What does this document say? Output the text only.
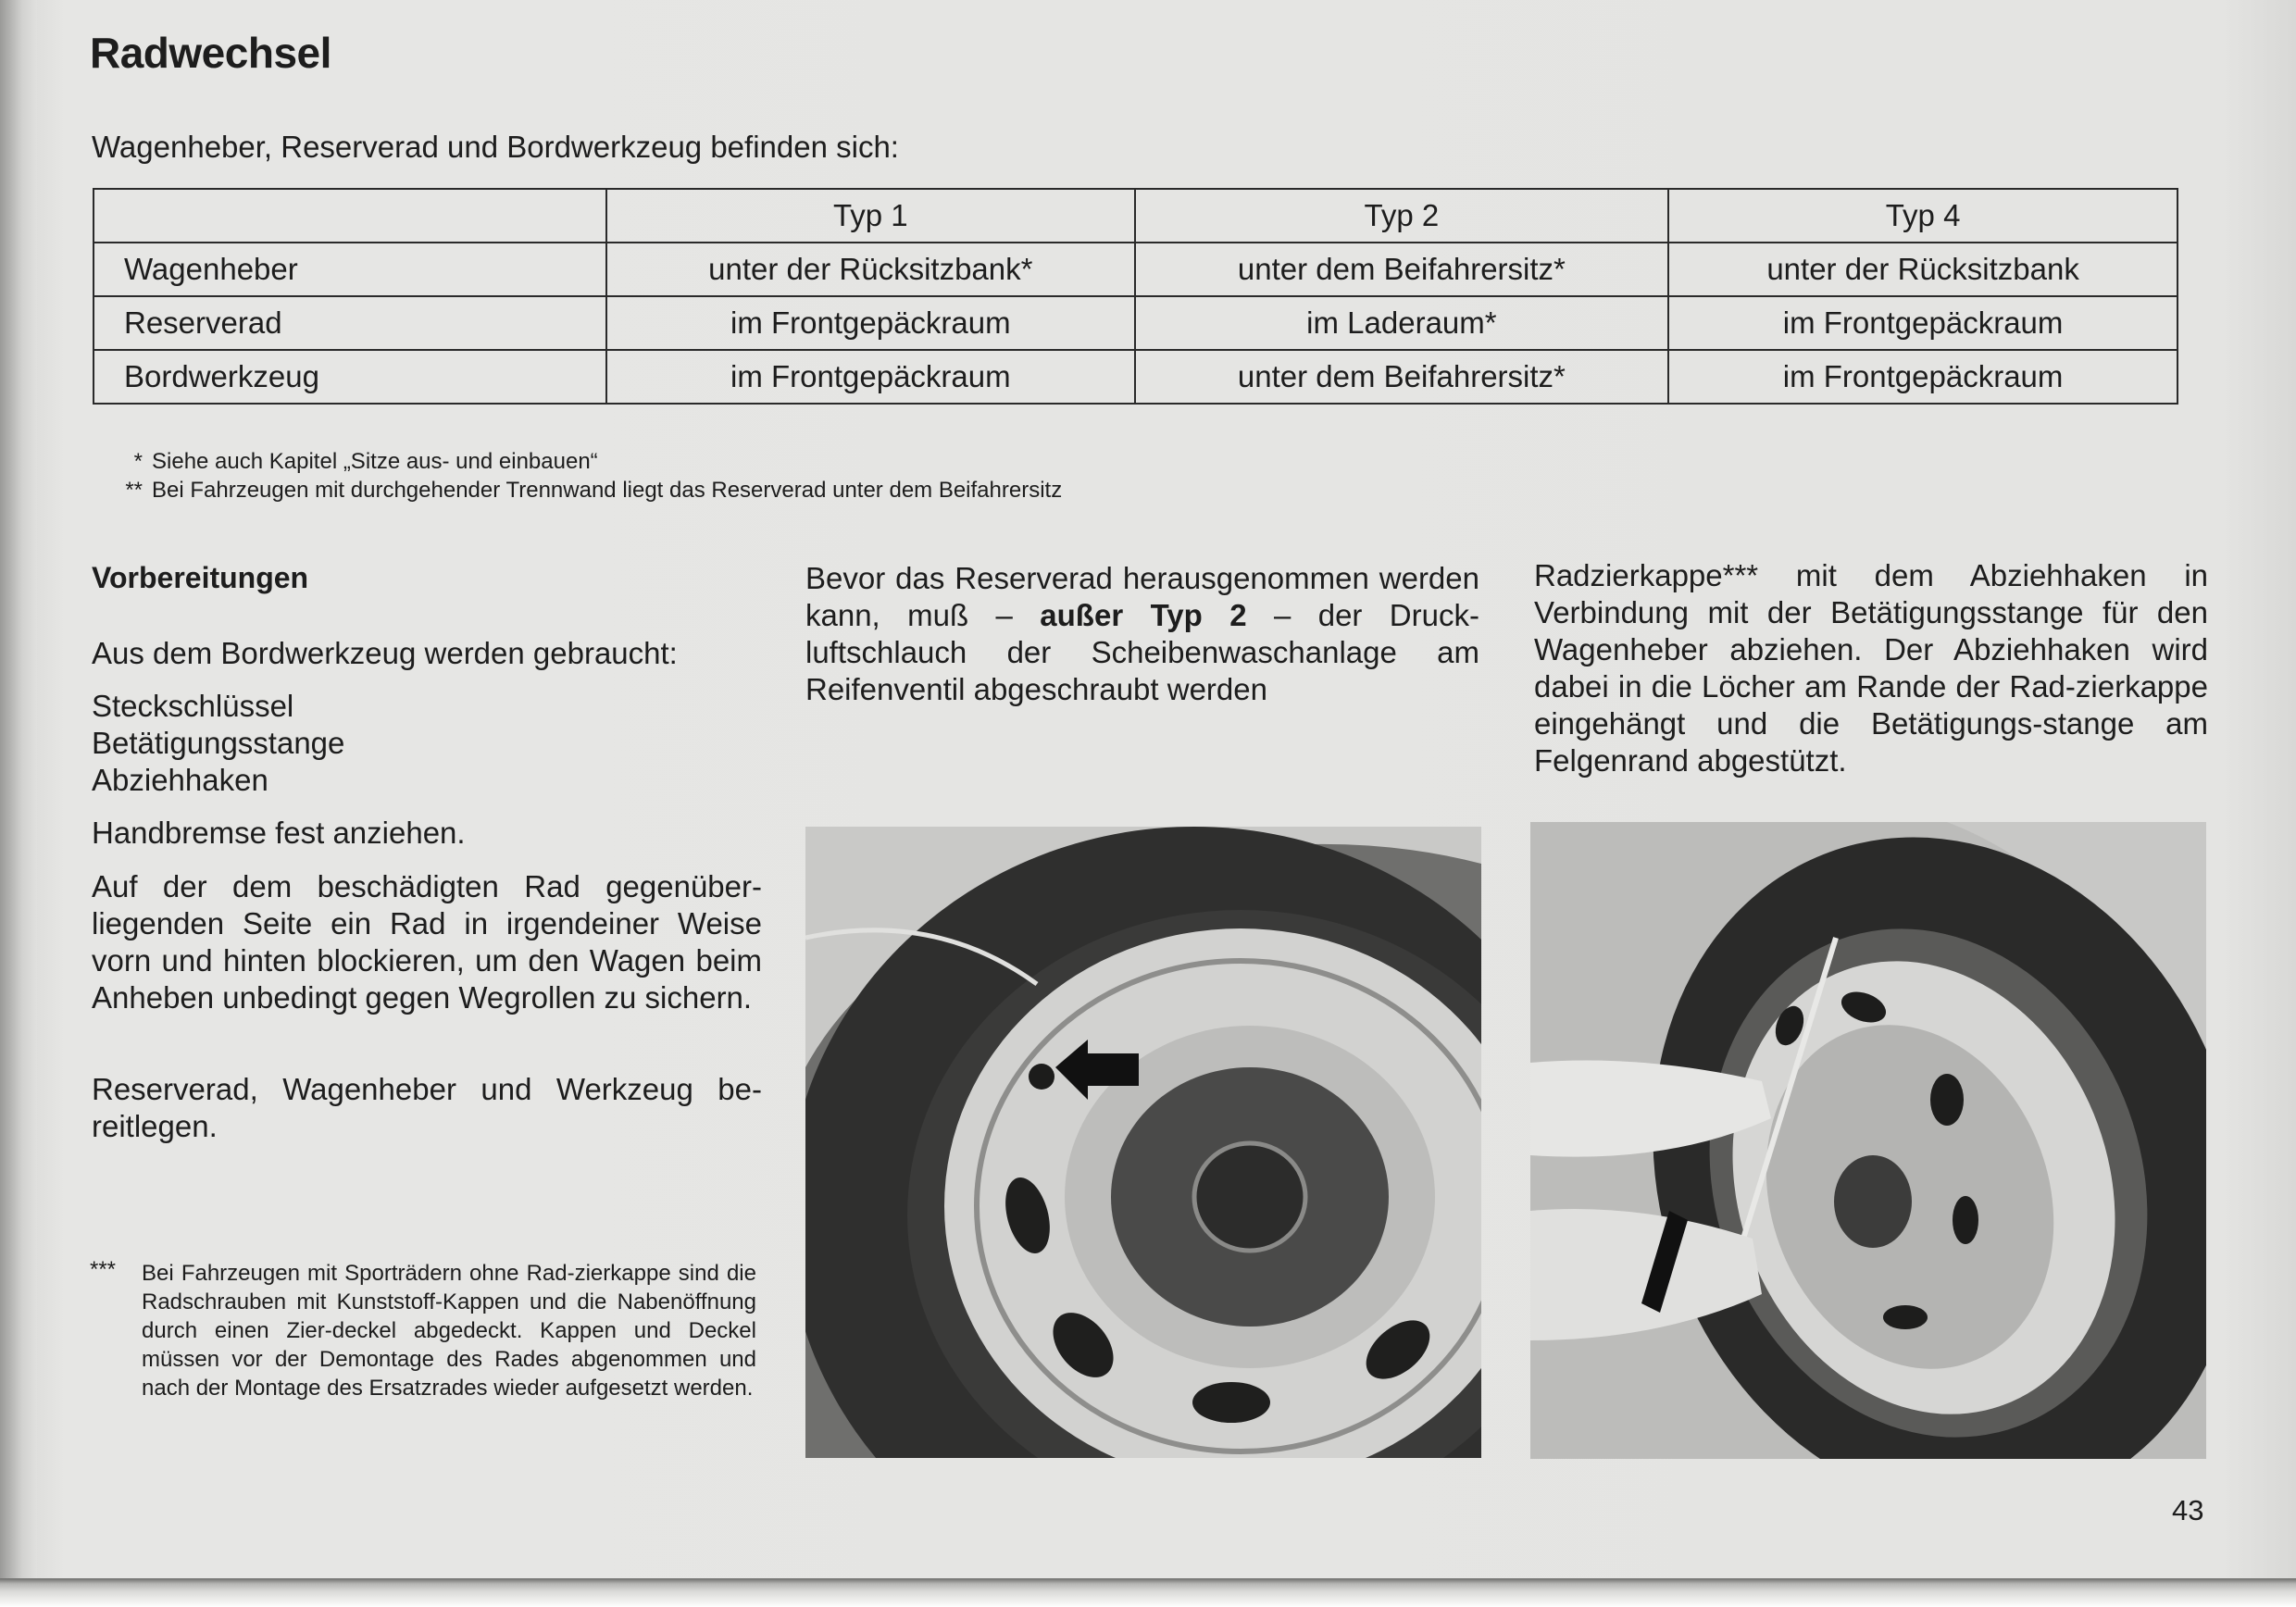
Radwechsel
Wagenheber, Reserverad und Bordwerkzeug befinden sich:
	Typ 1	Typ 2	Typ 4
Wagenheber	unter der Rücksitzbank*	unter dem Beifahrersitz*	unter der Rücksitzbank
Reserverad	im Frontgepäckraum	im Laderaum*	im Frontgepäckraum
Bordwerkzeug	im Frontgepäckraum	unter dem Beifahrersitz*	im Frontgepäckraum
* Siehe auch Kapitel „Sitze aus- und einbauen“
** Bei Fahrzeugen mit durchgehender Trennwand liegt das Reserverad unter dem Beifahrersitz
Vorbereitungen
Aus dem Bordwerkzeug werden gebraucht:
Steckschlüssel
Betätigungsstange
Abziehhaken
Handbremse fest anziehen.
Auf der dem beschädigten Rad gegenüber-liegenden Seite ein Rad in irgendeiner Weise vorn und hinten blockieren, um den Wagen beim Anheben unbedingt gegen Wegrollen zu sichern.
Reserverad, Wagenheber und Werkzeug be-reitlegen.
*** Bei Fahrzeugen mit Sporträdern ohne Rad-zierkappe sind die Radschrauben mit Kunststoff-Kappen und die Nabenöffnung durch einen Zier-deckel abgedeckt. Kappen und Deckel müssen vor der Demontage des Rades abgenommen und nach der Montage des Ersatzrades wieder aufgesetzt werden.
Bevor das Reserverad herausgenommen werden kann, muß – außer Typ 2 – der Druck-luftschlauch der Scheibenwaschanlage am Reifenventil abgeschraubt werden
Radzierkappe*** mit dem Abziehhaken in Verbindung mit der Betätigungsstange für den Wagenheber abziehen. Der Abziehhaken wird dabei in die Löcher am Rande der Rad-zierkappe eingehängt und die Betätigungs-stange am Felgenrand abgestützt.
43
